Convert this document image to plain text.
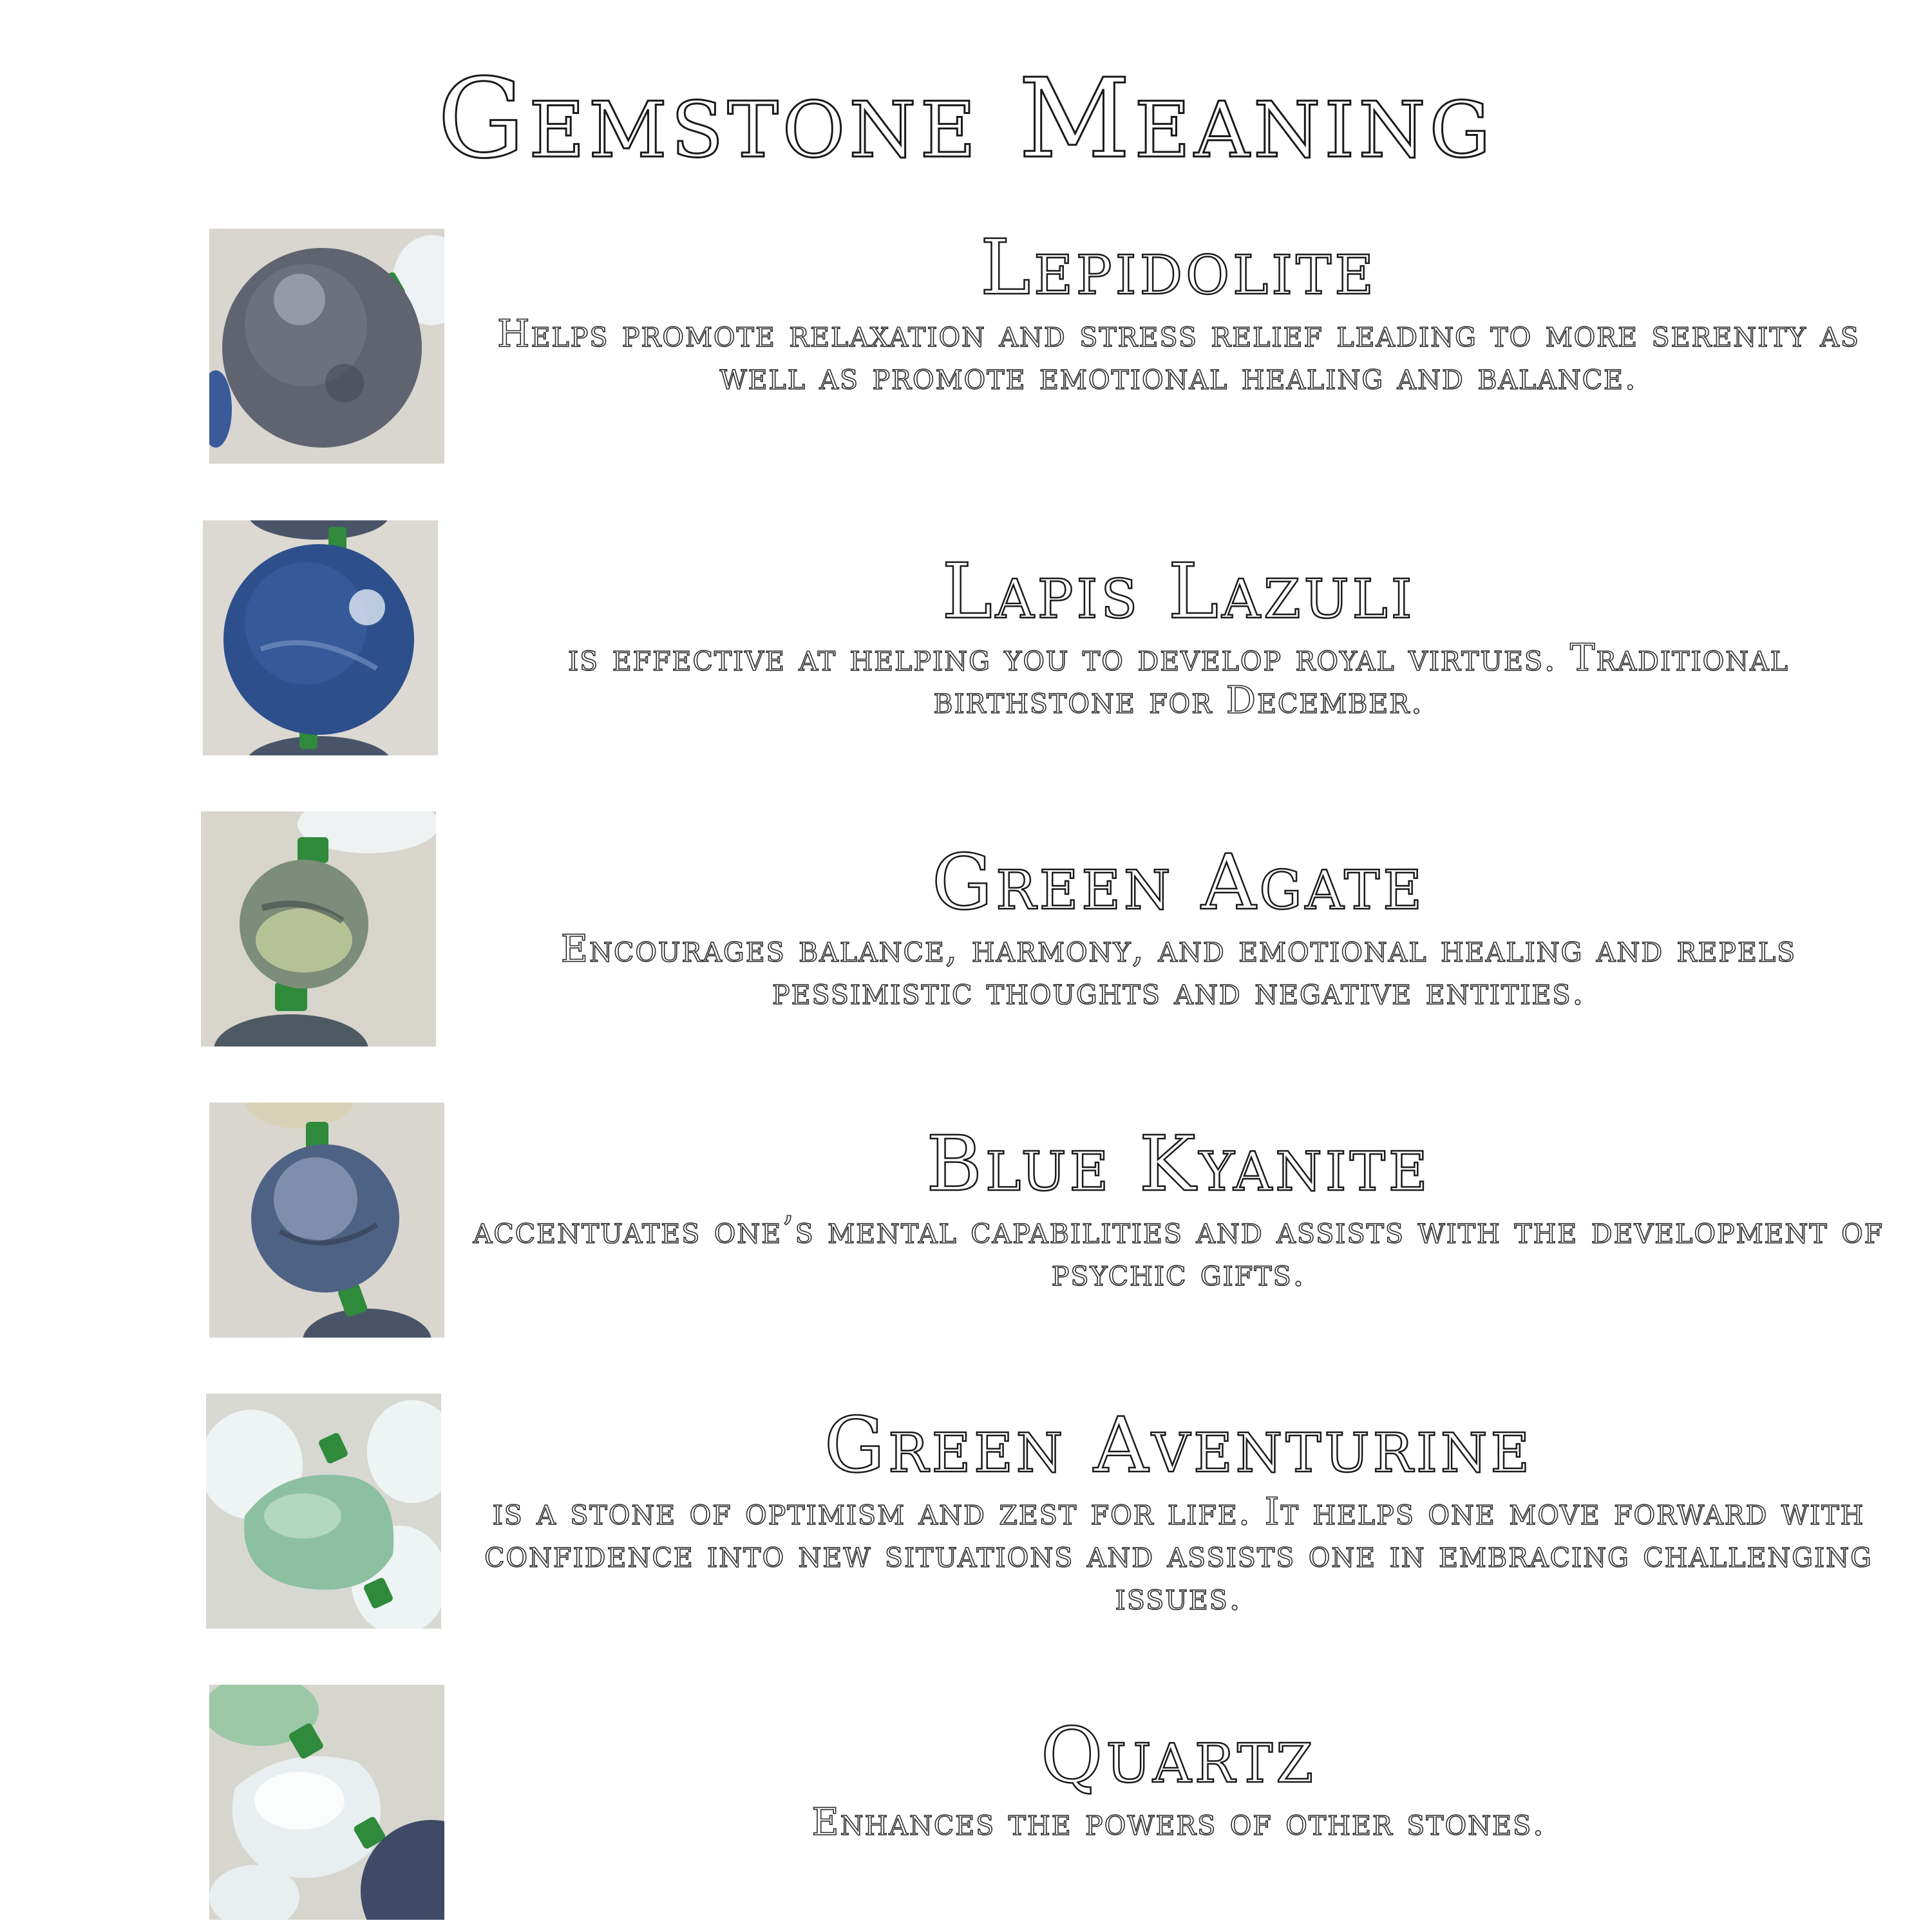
Gemstone Meaning
Lepidolite

Helps promote relaxation and stress relief leading to more serenity as well as promote emotional healing and balance.

Lapis Lazuli

is effective at helping you to develop royal virtues. Traditional birthstone for December.

Green Agate

Encourages balance, harmony, and emotional healing and repels pessimistic thoughts and negative entities.

Blue Kyanite

accentuates one’s mental capabilities and assists with the development of psychic gifts.

Green Aventurine

is a stone of optimism and zest for life. It helps one move forward with confidence into new situations and assists one in embracing challenging issues.

Quartz

Enhances the powers of other stones.
